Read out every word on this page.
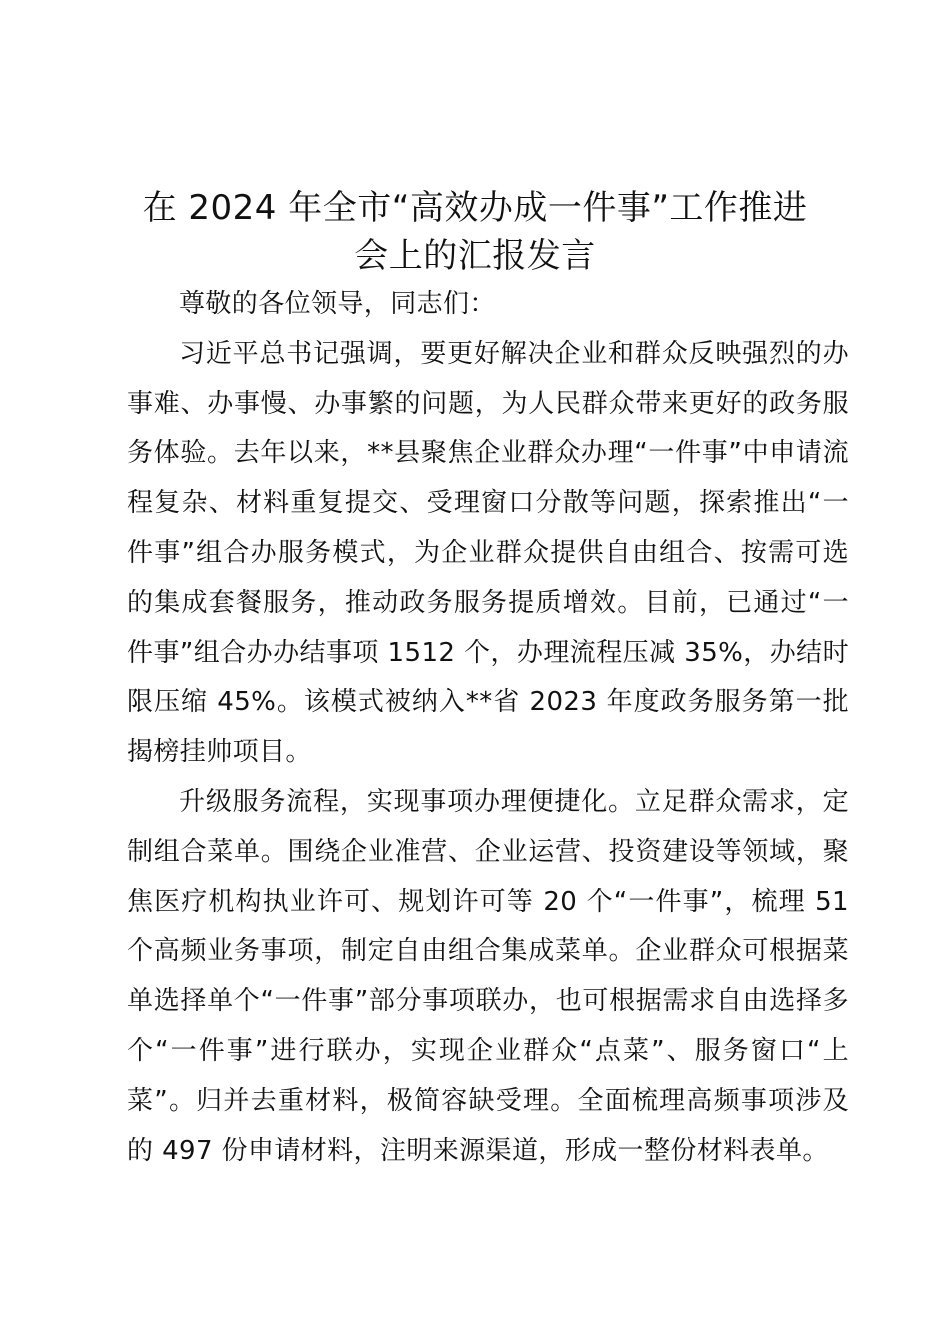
在 2024 年全市“高效办成一件事”工作推进
会上的汇报发言

尊敬的各位领导，同志们：

习近平总书记强调，要更好解决企业和群众反映强烈的办事难、办事慢、办事繁的问题，为人民群众带来更好的政务服务体验。去年以来，**县聚焦企业群众办理“一件事”中申请流程复杂、材料重复提交、受理窗口分散等问题，探索推出“一件事”组合办服务模式，为企业群众提供自由组合、按需可选的集成套餐服务，推动政务服务提质增效。目前，已通过“一件事”组合办办结事项 1512 个，办理流程压减 35%，办结时限压缩 45%。该模式被纳入**省 2023 年度政务服务第一批揭榜挂帅项目。

升级服务流程，实现事项办理便捷化。立足群众需求，定制组合菜单。围绕企业准营、企业运营、投资建设等领域，聚焦医疗机构执业许可、规划许可等 20 个“一件事”，梳理 51 个高频业务事项，制定自由组合集成菜单。企业群众可根据菜单选择单个“一件事”部分事项联办，也可根据需求自由选择多个“一件事”进行联办，实现企业群众“点菜”、服务窗口“上菜”。归并去重材料，极简容缺受理。全面梳理高频事项涉及的 497 份申请材料，注明来源渠道，形成一整份材料表单。
